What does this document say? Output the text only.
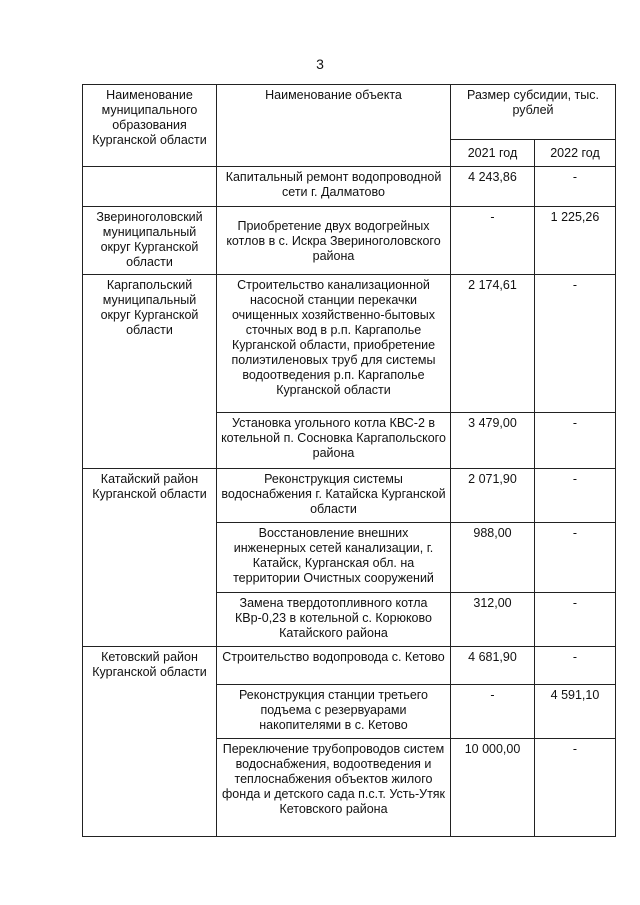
3
Наименование муниципального образования Курганской области	Наименование объекта	Размер субсидии, тыс. рублей	
		2021 год	2022 год
	Капитальный ремонт водопроводной сети г. Далматово	4 243,86	-
Звериноголовский муниципальный округ Курганской области	Приобретение двух водогрейных котлов в с. Искра Звериноголовского района	-	1 225,26
Каргапольский муниципальный округ Курганской области	Строительство канализационной насосной станции перекачки очищенных хозяйственно-бытовых сточных вод в р.п. Каргаполье Курганской области, приобретение полиэтиленовых труб для системы водоотведения р.п. Каргаполье Курганской области	2 174,61	-
	Установка угольного котла КВС-2 в котельной п. Сосновка Каргапольского района	3 479,00	-
Катайский район Курганской области	Реконструкция системы водоснабжения г. Катайска Курганской области	2 071,90	-
	Восстановление внешних инженерных сетей канализации, г. Катайск, Курганская обл. на территории Очистных сооружений	988,00	-
	Замена твердотопливного котла КВр-0,23 в котельной с. Корюково Катайского района	312,00	-
Кетовский район Курганской области	Строительство водопровода с. Кетово	4 681,90	-
	Реконструкция станции третьего подъема с резервуарами накопителями в с. Кетово	-	4 591,10
	Переключение трубопроводов систем водоснабжения, водоотведения и теплоснабжения объектов жилого фонда и детского сада п.с.т. Усть-Утяк Кетовского района	10 000,00	-
